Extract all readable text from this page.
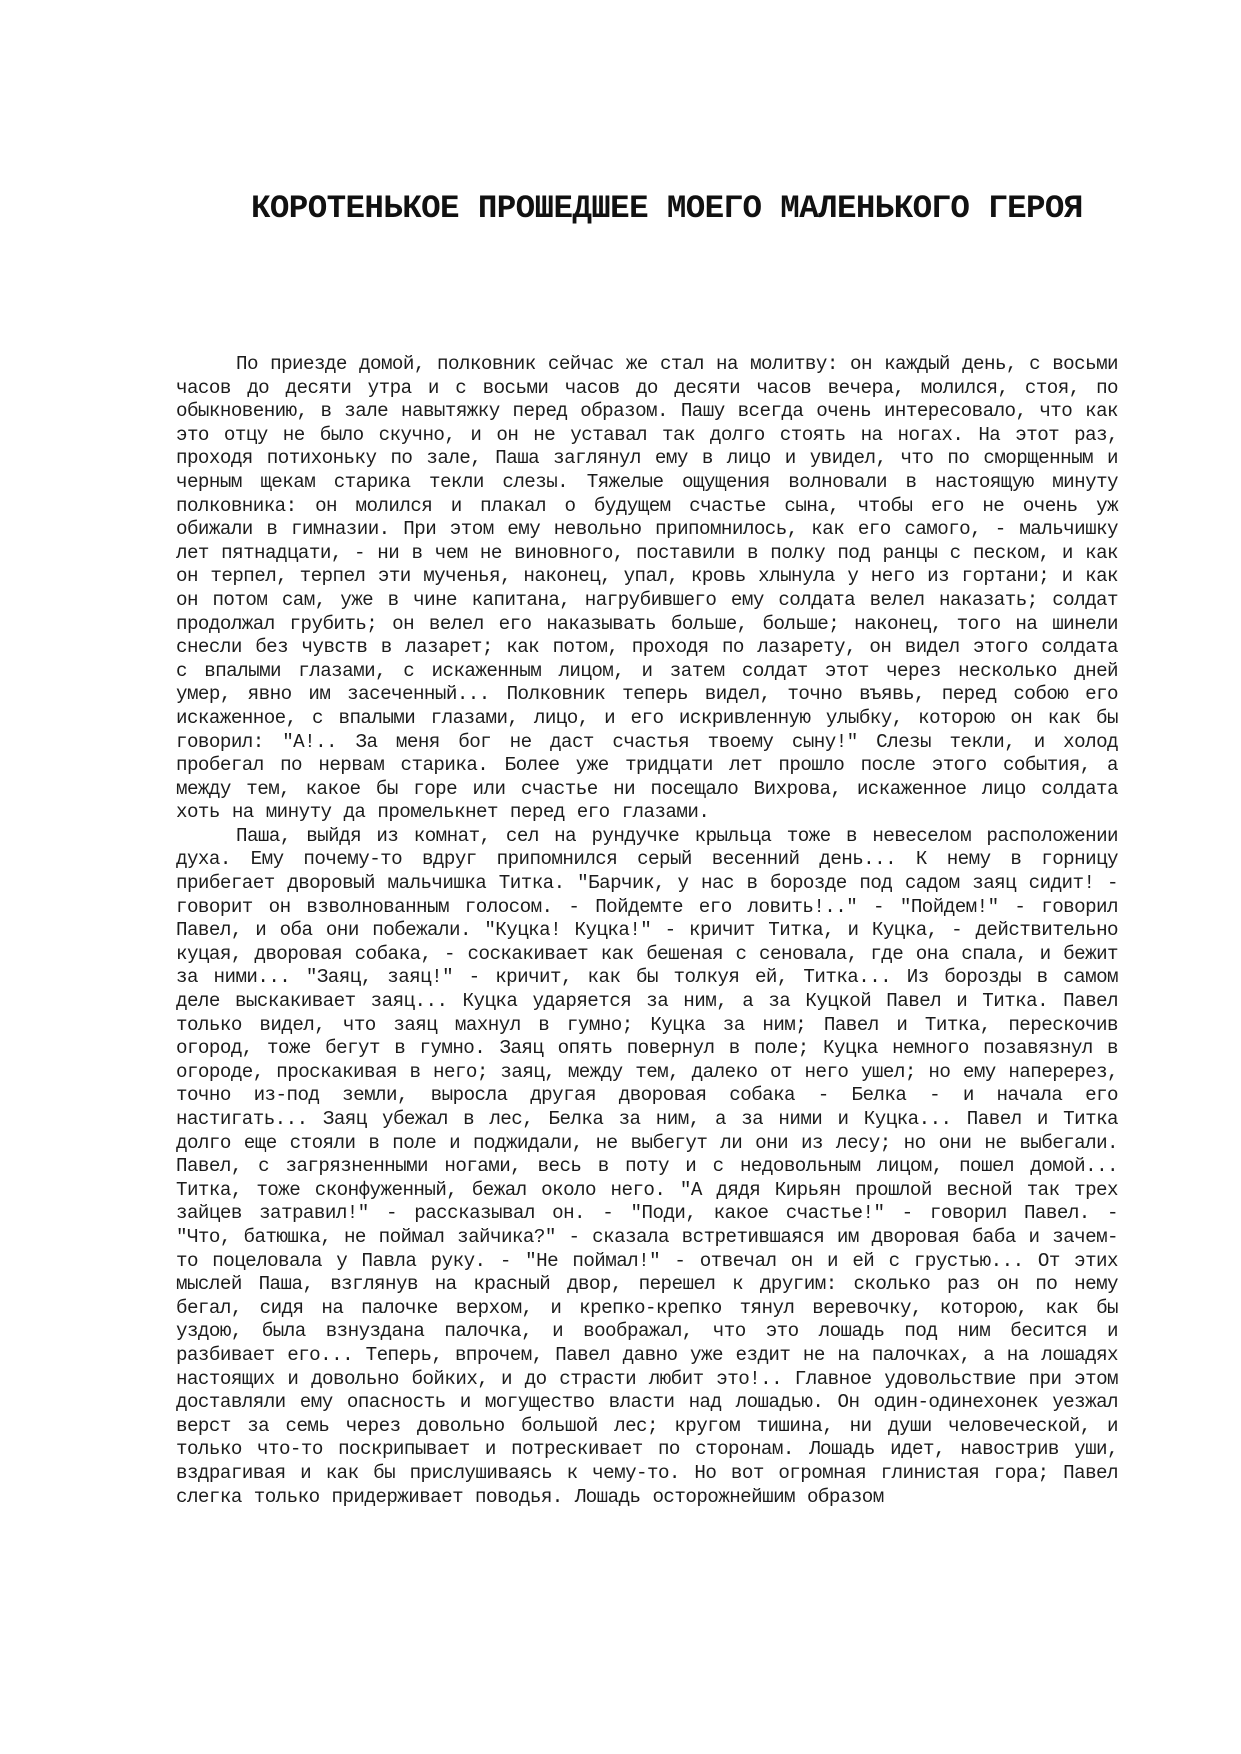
КОРОТЕНЬКОЕ ПРОШЕДШЕЕ МОЕГО МАЛЕНЬКОГО ГЕРОЯ

По приезде домой, полковник сейчас же стал на молитву: он каждый день, с восьми часов до десяти утра и с восьми часов до десяти часов вечера, молился, стоя, по обыкновению, в зале навытяжку перед образом. Пашу всегда очень интересовало, что как это отцу не было скучно, и он не уставал так долго стоять на ногах. На этот раз, проходя потихоньку по зале, Паша заглянул ему в лицо и увидел, что по сморщенным и черным щекам старика текли слезы. Тяжелые ощущения волновали в настоящую минуту полковника: он молился и плакал о будущем счастье сына, чтобы его не очень уж обижали в гимназии. При этом ему невольно припомнилось, как его самого, - мальчишку лет пятнадцати, - ни в чем не виновного, поставили в полку под ранцы с песком, и как он терпел, терпел эти мученья, наконец, упал, кровь хлынула у него из гортани; и как он потом сам, уже в чине капитана, нагрубившего ему солдата велел наказать; солдат продолжал грубить; он велел его наказывать больше, больше; наконец, того на шинели снесли без чувств в лазарет; как потом, проходя по лазарету, он видел этого солдата с впалыми глазами, с искаженным лицом, и затем солдат этот через несколько дней умер, явно им засеченный... Полковник теперь видел, точно въявь, перед собою его искаженное, с впалыми глазами, лицо, и его искривленную улыбку, которою он как бы говорил: "А!.. За меня бог не даст счастья твоему сыну!" Слезы текли, и холод пробегал по нервам старика. Более уже тридцати лет прошло после этого события, а между тем, какое бы горе или счастье ни посещало Вихрова, искаженное лицо солдата хоть на минуту да промелькнет перед его глазами.

Паша, выйдя из комнат, сел на рундучке крыльца тоже в невеселом расположении духа. Ему почему-то вдруг припомнился серый весенний день... К нему в горницу прибегает дворовый мальчишка Титка. "Барчик, у нас в борозде под садом заяц сидит! - говорит он взволнованным голосом. - Пойдемте его ловить!.." - "Пойдем!" - говорил Павел, и оба они побежали. "Куцка! Куцка!" - кричит Титка, и Куцка, - действительно куцая, дворовая собака, - соскакивает как бешеная с сеновала, где она спала, и бежит за ними... "Заяц, заяц!" - кричит, как бы толкуя ей, Титка... Из борозды в самом деле выскакивает заяц... Куцка ударяется за ним, а за Куцкой Павел и Титка. Павел только видел, что заяц махнул в гумно; Куцка за ним; Павел и Титка, перескочив огород, тоже бегут в гумно. Заяц опять повернул в поле; Куцка немного позавязнул в огороде, проскакивая в него; заяц, между тем, далеко от него ушел; но ему наперерез, точно из-под земли, выросла другая дворовая собака - Белка - и начала его настигать... Заяц убежал в лес, Белка за ним, а за ними и Куцка... Павел и Титка долго еще стояли в поле и поджидали, не выбегут ли они из лесу; но они не выбегали. Павел, с загрязненными ногами, весь в поту и с недовольным лицом, пошел домой... Титка, тоже сконфуженный, бежал около него. "А дядя Кирьян прошлой весной так трех зайцев затравил!" - рассказывал он. - "Поди, какое счастье!" - говорил Павел. - "Что, батюшка, не поймал зайчика?" - сказала встретившаяся им дворовая баба и зачем-то поцеловала у Павла руку. - "Не поймал!" - отвечал он и ей с грустью... От этих мыслей Паша, взглянув на красный двор, перешел к другим: сколько раз он по нему бегал, сидя на палочке верхом, и крепко-крепко тянул веревочку, которою, как бы уздою, была взнуздана палочка, и воображал, что это лошадь под ним бесится и разбивает его... Теперь, впрочем, Павел давно уже ездит не на палочках, а на лошадях настоящих и довольно бойких, и до страсти любит это!.. Главное удовольствие при этом доставляли ему опасность и могущество власти над лошадью. Он один-одинехонек уезжал верст за семь через довольно большой лес; кругом тишина, ни души человеческой, и только что-то поскрипывает и потрескивает по сторонам. Лошадь идет, навострив уши, вздрагивая и как бы прислушиваясь к чему-то. Но вот огромная глинистая гора; Павел слегка только придерживает поводья. Лошадь осторожнейшим образом
